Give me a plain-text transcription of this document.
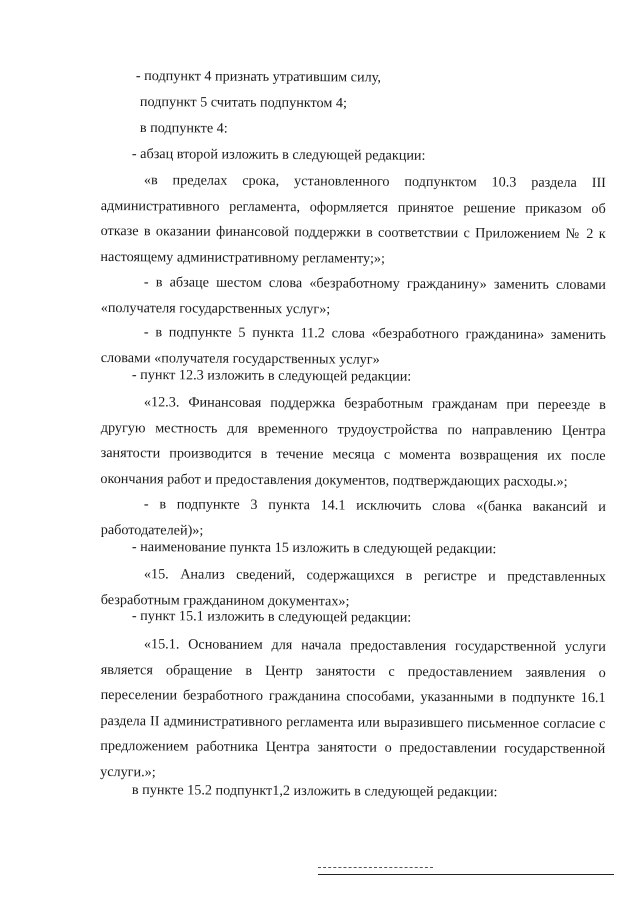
- подпункт 4 признать утратившим силу,

подпункт 5 считать подпунктом 4;

в подпункте 4:

- абзац второй изложить в следующей редакции:

«в пределах срока, установленного подпунктом 10.3 раздела III административного регламента, оформляется принятое решение приказом об отказе в оказании финансовой поддержки в соответствии с Приложением № 2 к настоящему административному регламенту;»;

- в абзаце шестом слова «безработному гражданину» заменить словами «получателя государственных услуг»;

- в подпункте 5 пункта 11.2 слова «безработного гражданина» заменить словами «получателя государственных услуг»

- пункт 12.3 изложить в следующей редакции:

«12.3. Финансовая поддержка безработным гражданам при переезде в другую местность для временного трудоустройства по направлению Центра занятости производится в течение месяца с момента возвращения их после окончания работ и предоставления документов, подтверждающих расходы.»;

- в подпункте 3 пункта 14.1 исключить слова «(банка вакансий и работодателей)»;

- наименование пункта 15 изложить в следующей редакции:

«15. Анализ сведений, содержащихся в регистре и представленных безработным гражданином документах»;

- пункт 15.1 изложить в следующей редакции:

«15.1. Основанием для начала предоставления государственной услуги является обращение в Центр занятости с предоставлением заявления о переселении безработного гражданина способами, указанными в подпункте 16.1 раздела II административного регламента или выразившего письменное согласие с предложением работника Центра занятости о предоставлении государственной услуги.»;

в пункте 15.2 подпункт1,2 изложить в следующей редакции:
